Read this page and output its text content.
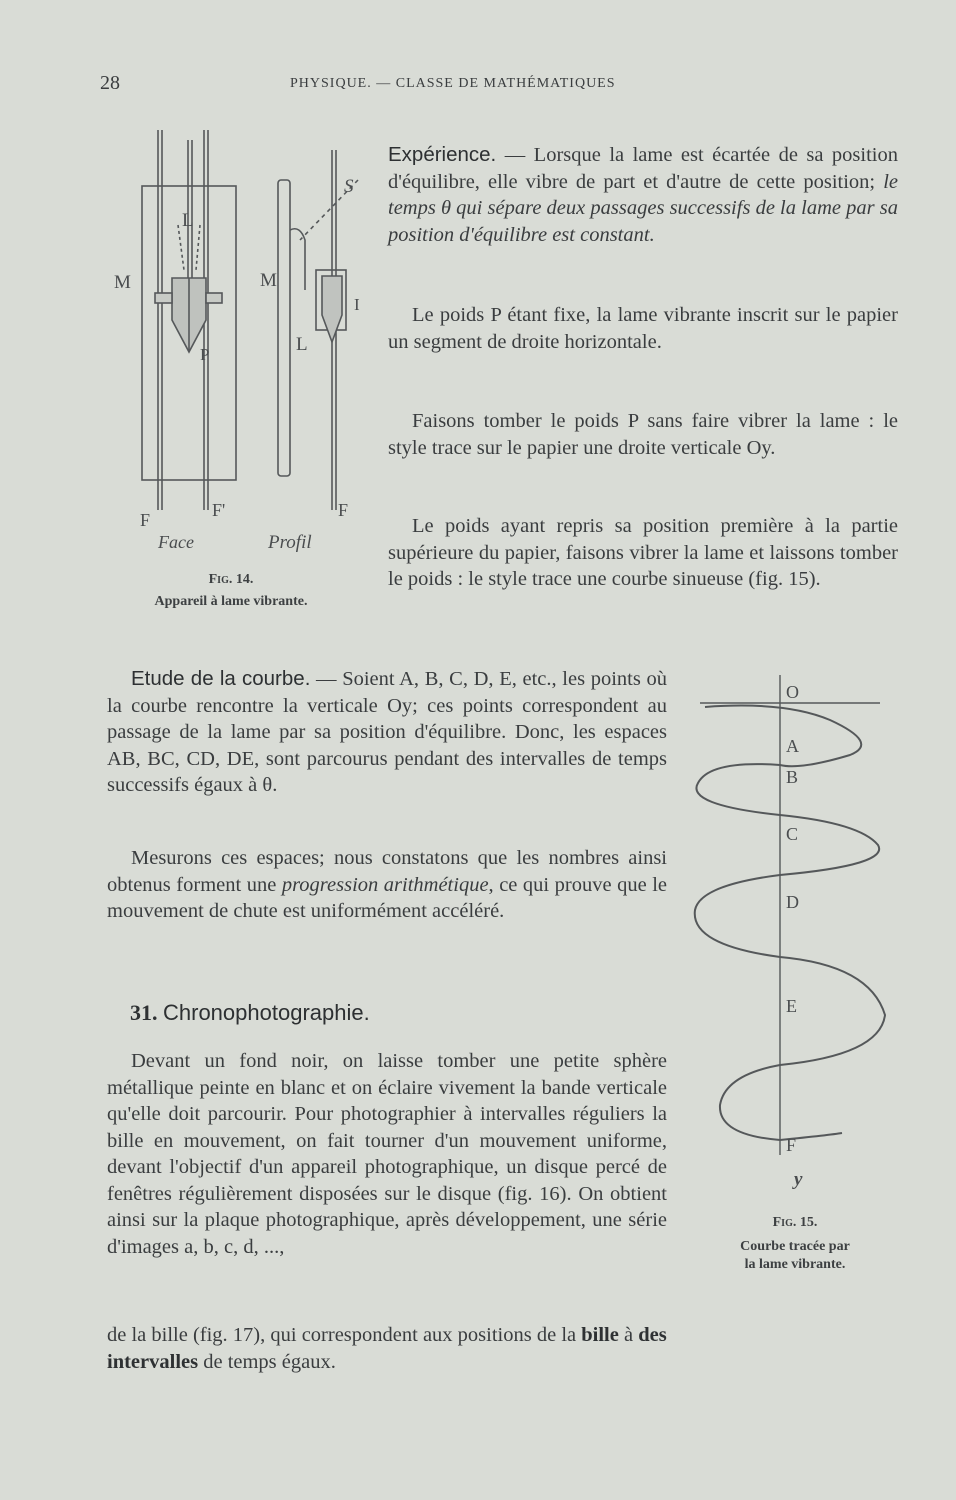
28	PHYSIQUE. — CLASSE DE MATHÉMATIQUES
L
M
P
M
L
S
I
F	F'	F
Face	Profil
Fig. 14.
Appareil à lame vibrante.

Expérience. — Lorsque la lame est écartée de sa position d'équilibre, elle vibre de part et d'autre de cette position; le temps θ qui sépare deux passages successifs de la lame par sa position d'équilibre est constant.

Le poids P étant fixe, la lame vibrante inscrit sur le papier un segment de droite horizontale.

Faisons tomber le poids P sans faire vibrer la lame : le style trace sur le papier une droite verticale Oy.

Le poids ayant repris sa position première à la partie supérieure du papier, faisons vibrer la lame et laissons tomber le poids : le style trace une courbe sinueuse (fig. 15).

Etude de la courbe. — Soient A, B, C, D, E, etc., les points où la courbe rencontre la verticale Oy; ces points correspondent au passage de la lame par sa position d'équilibre. Donc, les espaces AB, BC, CD, DE, sont parcourus pendant des intervalles de temps successifs égaux à θ.

Mesurons ces espaces; nous constatons que les nombres ainsi obtenus forment une progression arithmétique, ce qui prouve que le mouvement de chute est uniformément accéléré.

31. Chronophotographie.

Devant un fond noir, on laisse tomber une petite sphère métallique peinte en blanc et on éclaire vivement la bande verticale qu'elle doit parcourir. Pour photographier à intervalles réguliers la bille en mouvement, on fait tourner d'un mouvement uniforme, devant l'objectif d'un appareil photographique, un disque percé de fenêtres régulièrement disposées sur le disque (fig. 16). On obtient ainsi sur la plaque photographique, après développement, une série d'images a, b, c, d, ...,

de la bille (fig. 17), qui correspondent aux positions de la bille à des
intervalles de temps égaux.

O
A
B
C
D
E
F
y
Fig. 15.
Courbe tracée par
la lame vibrante.
